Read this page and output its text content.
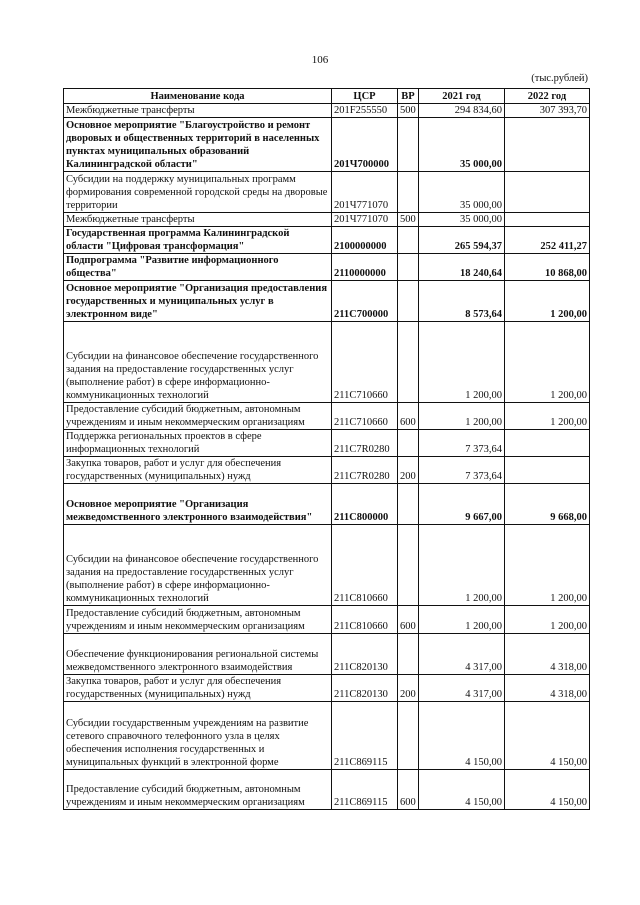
106
(тыс.рублей)
Наименование кода	ЦСР	ВР	2021 год	2022 год
Межбюджетные трансферты	201F255550	500	294 834,60	307 393,70
Основное мероприятие "Благоустройство и ремонт дворовых и общественных территорий в населенных пунктах муниципальных образований Калининградской области"	201Ч700000		35 000,00	
Субсидии на поддержку муниципальных программ формирования современной городской среды на дворовые территории	201Ч771070		35 000,00	
Межбюджетные трансферты	201Ч771070	500	35 000,00	
Государственная программа Калининградской области "Цифровая трансформация"	2100000000		265 594,37	252 411,27
Подпрограмма "Развитие информационного общества"	2110000000		18 240,64	10 868,00
Основное мероприятие "Организация предоставления государственных и муниципальных услуг в электронном виде"	211С700000		8 573,64	1 200,00
Субсидии на финансовое обеспечение государственного задания на предоставление государственных услуг (выполнение работ) в сфере информационно-коммуникационных технологий	211С710660		1 200,00	1 200,00
Предоставление субсидий бюджетным, автономным учреждениям и иным некоммерческим организациям	211С710660	600	1 200,00	1 200,00
Поддержка региональных проектов в сфере информационных технологий	211С7R0280		7 373,64	
Закупка товаров, работ и услуг для обеспечения государственных (муниципальных) нужд	211С7R0280	200	7 373,64	
Основное мероприятие "Организация межведомственного электронного взаимодействия"	211С800000		9 667,00	9 668,00
Субсидии на финансовое обеспечение государственного задания на предоставление государственных услуг (выполнение работ) в сфере информационно-коммуникационных технологий	211С810660		1 200,00	1 200,00
Предоставление субсидий бюджетным, автономным учреждениям и иным некоммерческим организациям	211С810660	600	1 200,00	1 200,00
Обеспечение функционирования региональной системы межведомственного электронного взаимодействия	211С820130		4 317,00	4 318,00
Закупка товаров, работ и услуг для обеспечения государственных (муниципальных) нужд	211С820130	200	4 317,00	4 318,00
Субсидии государственным учреждениям на развитие сетевого справочного телефонного узла в целях обеспечения исполнения государственных и муниципальных функций в электронной форме	211С869115		4 150,00	4 150,00
Предоставление субсидий бюджетным, автономным учреждениям и иным некоммерческим организациям	211С869115	600	4 150,00	4 150,00
